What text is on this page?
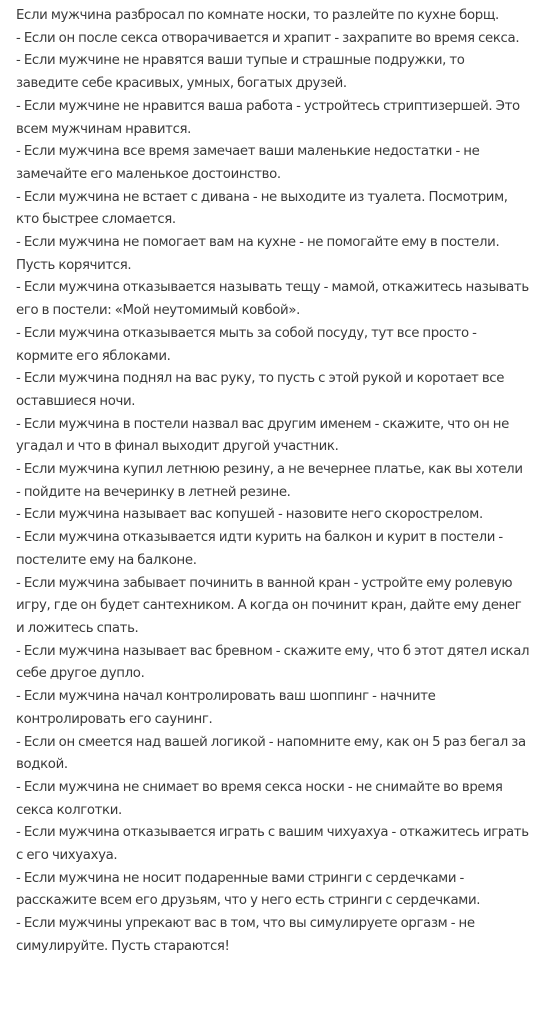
Если мужчина разбросал по комнате носки, то разлейте по кухне борщ.

- Если он после секса отворачивается и храпит - захрапите во время секса.

- Если мужчине не нравятся ваши тупые и страшные подружки, то заведите себе красивых, умных, богатых друзей.

- Если мужчине не нравится ваша работа - устройтесь стриптизершей. Это всем мужчинам нравится.

- Если мужчина все время замечает ваши маленькие недостатки - не замечайте его маленькое достоинство.

- Если мужчина не встает с дивана - не выходите из туалета. Посмотрим, кто быстрее сломается.

- Если мужчина не помогает вам на кухне - не помогайте ему в постели. Пусть корячится.

- Если мужчина отказывается называть тещу - мамой, откажитесь называть его в постели: «Мой неутомимый ковбой».

- Если мужчина отказывается мыть за собой посуду, тут все просто - кормите его яблоками.

- Если мужчина поднял на вас руку, то пусть с этой рукой и коротает все оставшиеся ночи.

- Если мужчина в постели назвал вас другим именем - скажите, что он не угадал и что в финал выходит другой участник.

- Если мужчина купил летнюю резину, а не вечернее платье, как вы хотели - пойдите на вечеринку в летней резине.

- Если мужчина называет вас копушей - назовите него скорострелом.

- Если мужчина отказывается идти курить на балкон и курит в постели - постелите ему на балконе.

- Если мужчина забывает починить в ванной кран - устройте ему ролевую игру, где он будет сантехником. А когда он починит кран, дайте ему денег и ложитесь спать.

- Если мужчина называет вас бревном - скажите ему, что б этот дятел искал себе другое дупло.

- Если мужчина начал контролировать ваш шоппинг - начните контролировать его саунинг.

- Если он смеется над вашей логикой - напомните ему, как он 5 раз бегал за водкой.

- Если мужчина не снимает во время секса носки - не снимайте во время секса колготки.

- Если мужчина отказывается играть с вашим чихуахуа - откажитесь играть с его чихуахуа.

- Если мужчина не носит подаренные вами стринги с сердечками - расскажите всем его друзьям, что у него есть стринги с сердечками.

- Если мужчины упрекают вас в том, что вы симулируете оргазм - не симулируйте. Пусть стараются!
